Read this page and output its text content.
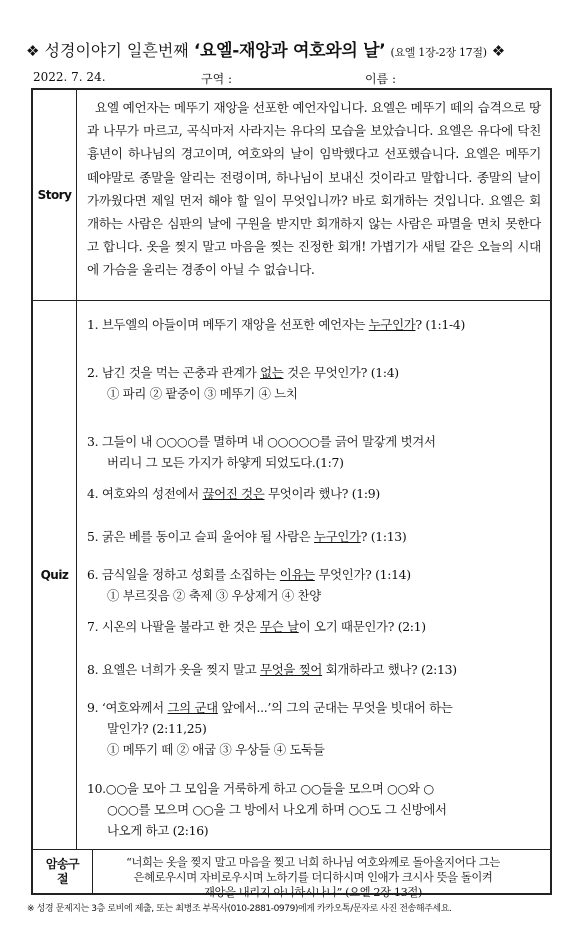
❖ 성경이야기 일흔번째 ‘요엘-재앙과 여호와의 날’ (요엘 1장-2장 17절) ❖
2022. 7. 24.	구역 :	이름 :
Story

요엘 예언자는 메뚜기 재앙을 선포한 예언자입니다. 요엘은 메뚜기 떼의 습격으로 땅과 나무가 마르고, 곡식마저 사라지는 유다의 모습을 보았습니다. 요엘은 유다에 닥친 흉년이 하나님의 경고이며, 여호와의 날이 임박했다고 선포했습니다. 요엘은 메뚜기 떼야말로 종말을 알리는 전령이며, 하나님이 보내신 것이라고 말합니다. 종말의 날이 가까웠다면 제일 먼저 해야 할 일이 무엇입니까? 바로 회개하는 것입니다. 요엘은 회개하는 사람은 심판의 날에 구원을 받지만 회개하지 않는 사람은 파멸을 면치 못한다고 합니다. 옷을 찢지 말고 마음을 찢는 진정한 회개! 가볍기가 새털 같은 오늘의 시대에 가슴을 울리는 경종이 아닐 수 없습니다.

Quiz
1. 브두엘의 아들이며 메뚜기 재앙을 선포한 예언자는 누구인가? (1:1-4)
2. 남긴 것을 먹는 곤충과 관계가 없는 것은 무엇인가? (1:4)
① 파리 ② 팥중이 ③ 메뚜기 ④ 느치
3. 그들이 내 ○○○○를 멸하며 내 ○○○○○를 긁어 말갛게 벗겨서
버리니 그 모든 가지가 하얗게 되었도다.(1:7)
4. 여호와의 성전에서 끊어진 것은 무엇이라 했나? (1:9)
5. 굵은 베를 동이고 슬피 울어야 될 사람은 누구인가? (1:13)
6. 금식일을 정하고 성회를 소집하는 이유는 무엇인가? (1:14)
① 부르짖음 ② 축제 ③ 우상제거 ④ 찬양
7. 시온의 나팔을 불라고 한 것은 무슨 날이 오기 때문인가? (2:1)
8. 요엘은 너희가 옷을 찢지 말고 무엇을 찢어 회개하라고 했나? (2:13)
9. ‘여호와께서 그의 군대 앞에서...’의 그의 군대는 무엇을 빗대어 하는
말인가? (2:11,25)
① 메뚜기 떼 ② 애굽 ③ 우상들 ④ 도둑들
10.○○을 모아 그 모임을 거룩하게 하고 ○○들을 모으며 ○○와 ○
○○○를 모으며 ○○을 그 방에서 나오게 하며 ○○도 그 신방에서
나오게 하고 (2:16)
암송구절

“너희는 옷을 찢지 말고 마음을 찢고 너희 하나님 여호와께로 돌아올지어다 그는
은혜로우시며 자비로우시며 노하기를 더디하시며 인애가 크시사 뜻을 돌이켜
재앙을 내리지 아니하시나니” (요엘 2장 13절)

※ 성경 문제지는 3층 로비에 제출, 또는 최병조 부목사(010-2881-0979)에게 카카오톡/문자로 사진 전송해주세요.
